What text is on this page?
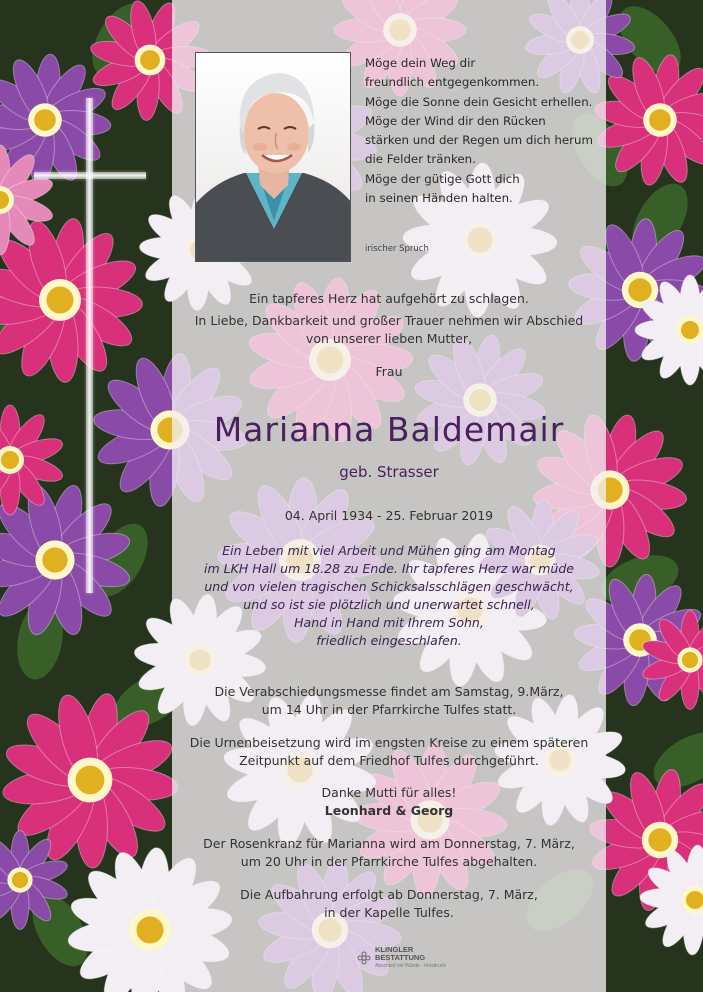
Möge dein Weg dir
freundlich entgegenkommen.
Möge die Sonne dein Gesicht erhellen.
Möge der Wind dir den Rücken
stärken und der Regen um dich herum
die Felder tränken.
Möge der gütige Gott dich
in seinen Händen halten.
irischer Spruch
Ein tapferes Herz hat aufgehört zu schlagen.
In Liebe, Dankbarkeit und großer Trauer nehmen wir Abschied
von unserer lieben Mutter,
Frau
Marianna Baldemair
geb. Strasser
04. April 1934 - 25. Februar 2019
Ein Leben mit viel Arbeit und Mühen ging am Montag
im LKH Hall um 18.28 zu Ende. Ihr tapferes Herz war müde
und von vielen tragischen Schicksalsschlägen geschwächt,
und so ist sie plötzlich und unerwartet schnell,
Hand in Hand mit Ihrem Sohn,
friedlich eingeschlafen.
Die Verabschiedungsmesse findet am Samstag, 9.März,
um 14 Uhr in der Pfarrkirche Tulfes statt.
Die Urnenbeisetzung wird im engsten Kreise zu einem späteren
Zeitpunkt auf dem Friedhof Tulfes durchgeführt.
Danke Mutti für alles!
Leonhard & Georg
Der Rosenkranz für Marianna wird am Donnerstag, 7. März,
um 20 Uhr in der Pfarrkirche Tulfes abgehalten.
Die Aufbahrung erfolgt ab Donnerstag, 7. März,
in der Kapelle Tulfes.
KLINGLER
BESTATTUNG
Abschied mit Würde · Innsbruck
